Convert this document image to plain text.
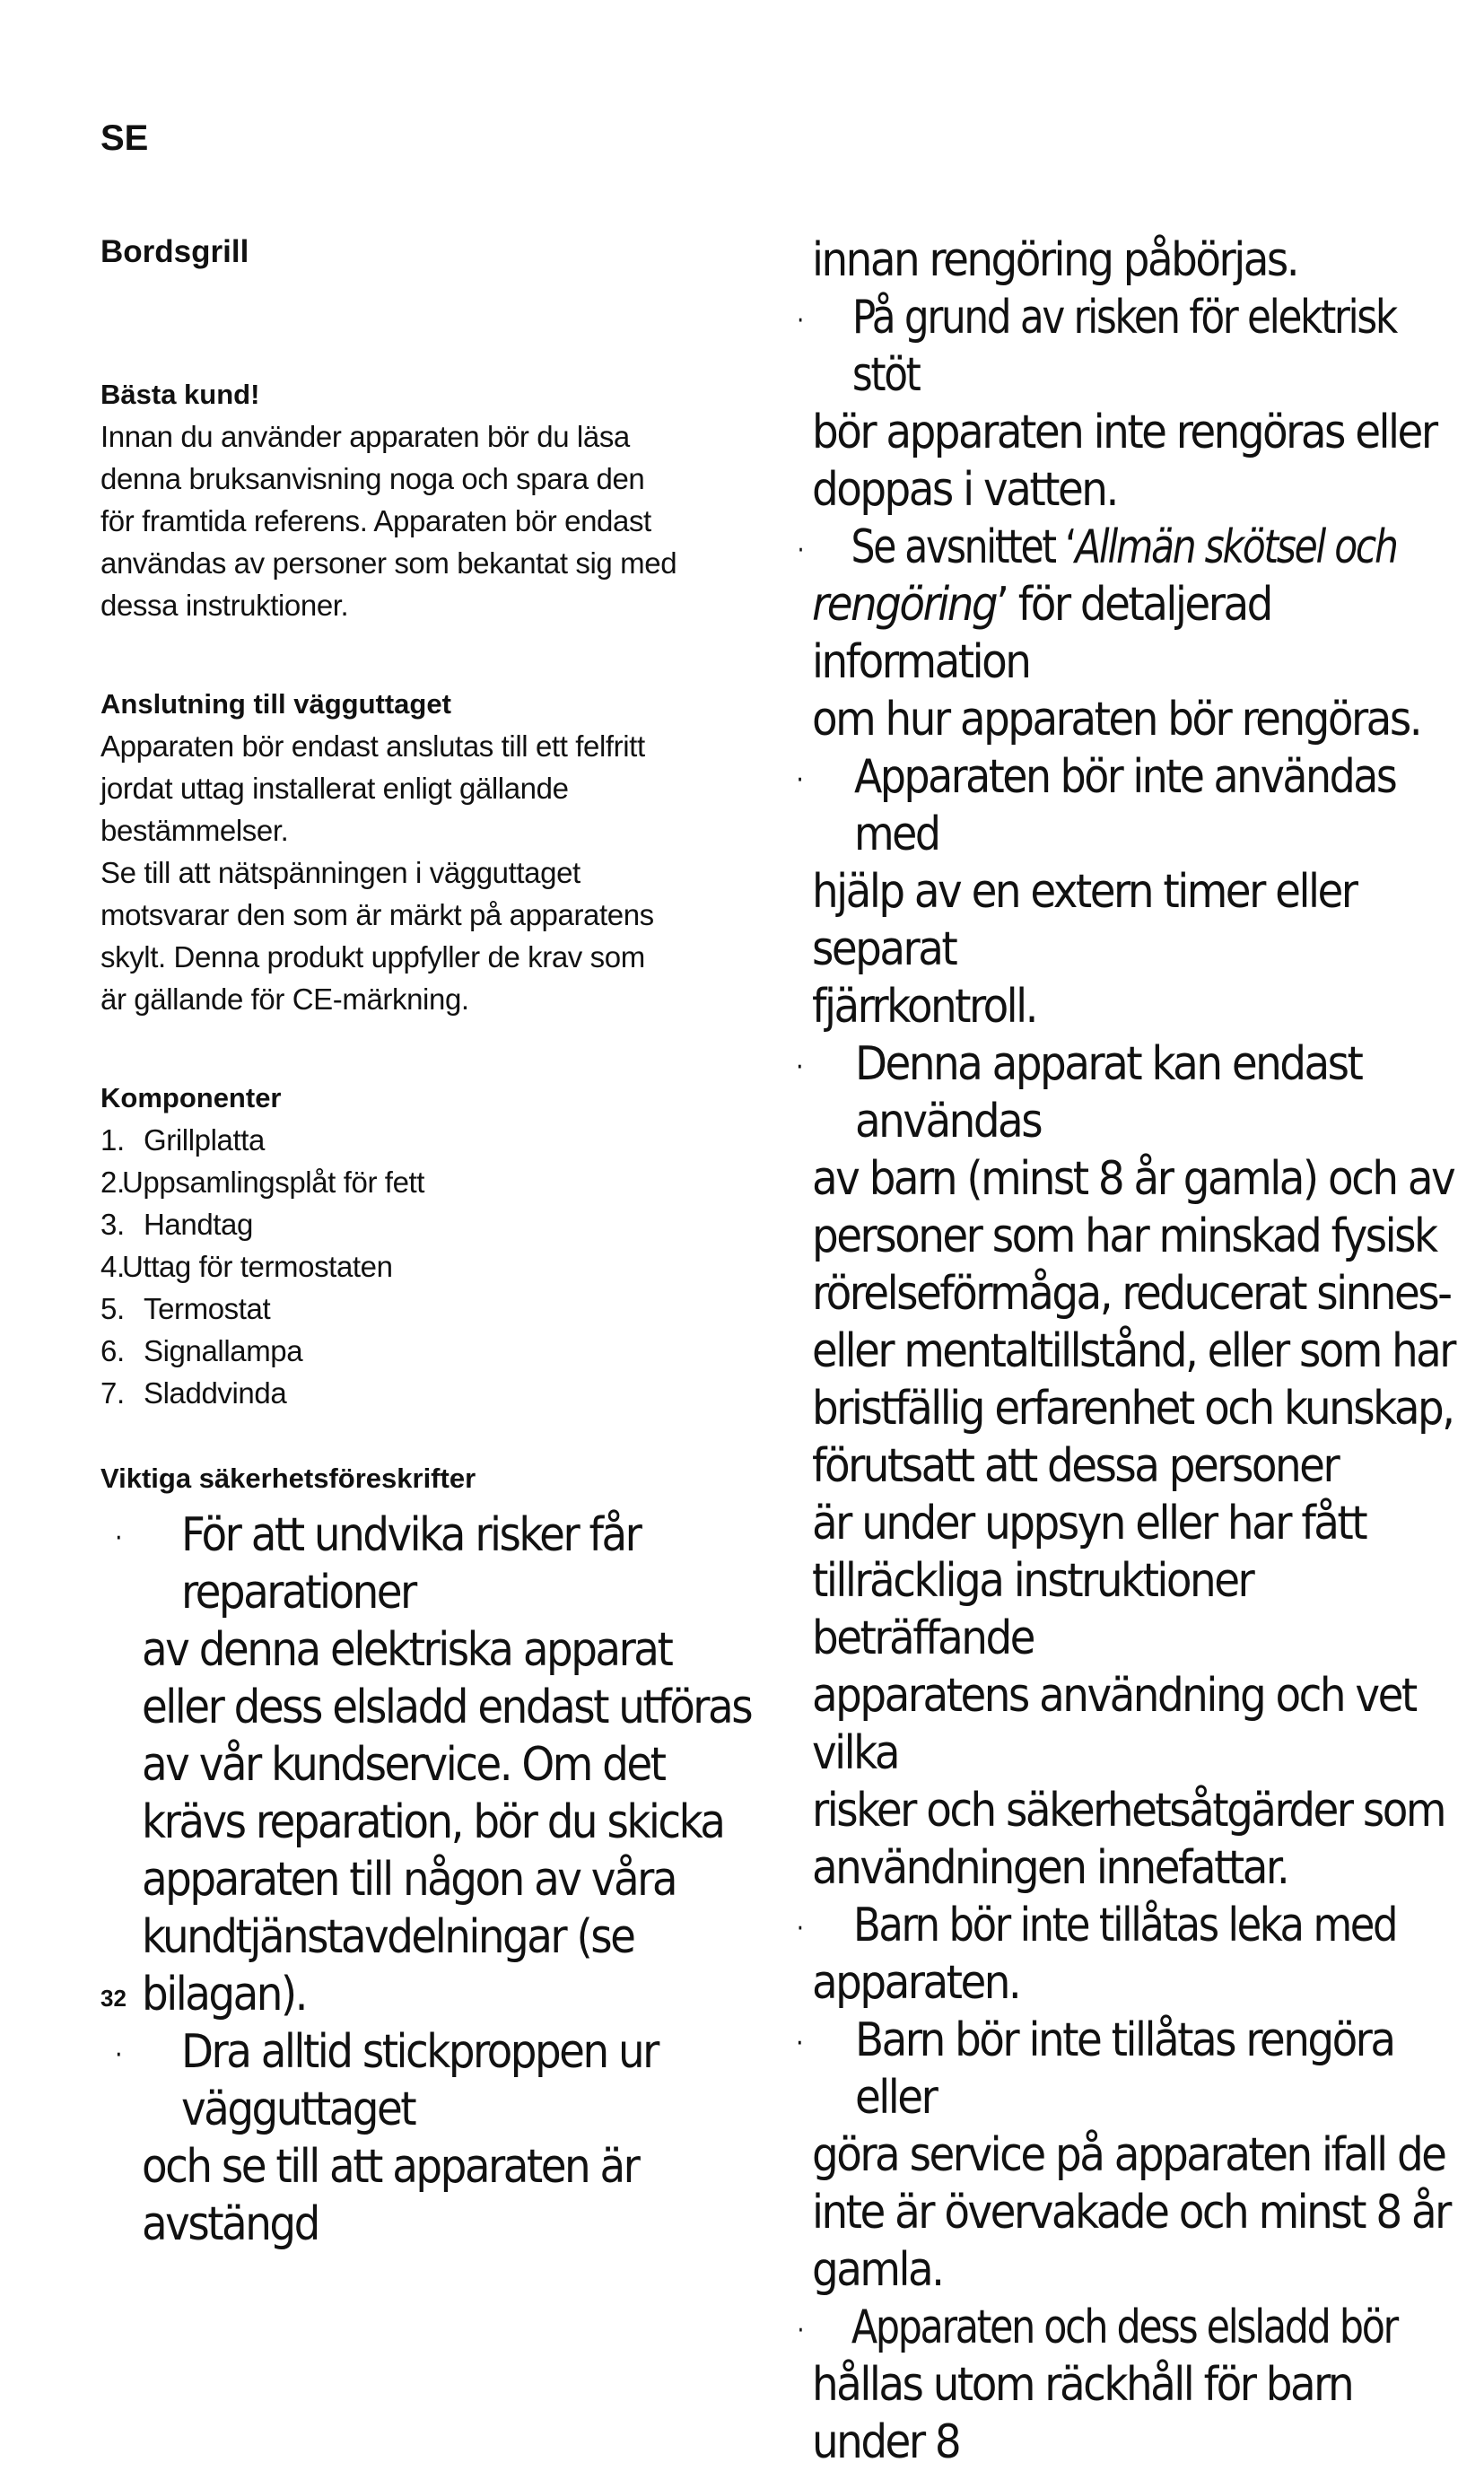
SE
Bordsgrill
Bästa kund!

Innan du använder apparaten bör du läsa

denna bruksanvisning noga och spara den

för framtida referens. Apparaten bör endast

användas av personer som bekantat sig med

dessa instruktioner.

Anslutning till vägguttaget

Apparaten bör endast anslutas till ett felfritt

jordat uttag installerat enligt gällande

bestämmelser.

Se till att nätspänningen i vägguttaget

motsvarar den som är märkt på apparatens

skylt. Denna produkt uppfyller de krav som

är gällande för CE-märkning.

Komponenter
1. Grillplatta
2.Uppsamlingsplåt för fett
3. Handtag
4.Uttag för termostaten
5. Termostat
6. Signallampa
7. Sladdvinda
Viktiga säkerhetsföreskrifter
· För att undvika risker får reparationer
av denna elektriska apparat
eller dess elsladd endast utföras
av vår kundservice. Om det
krävs reparation, bör du skicka
apparaten till någon av våra
kundtjänstavdelningar (se bilagan).
· Dra alltid stickproppen ur vägguttaget
och se till att apparaten är avstängd
innan rengöring påbörjas.
· På grund av risken för elektrisk stöt
bör apparaten inte rengöras eller
doppas i vatten.
· Se avsnittet ‘Allmän skötsel och
rengöring’ för detaljerad information
om hur apparaten bör rengöras.
· Apparaten bör inte användas med
hjälp av en extern timer eller separat
fjärrkontroll.
· Denna apparat kan endast användas
av barn (minst 8 år gamla) och av
personer som har minskad fysisk
rörelseförmåga, reducerat sinnes-
eller mentaltillstånd, eller som har
bristfällig erfarenhet och kunskap,
förutsatt att dessa personer
är under uppsyn eller har fått
tillräckliga instruktioner beträffande
apparatens användning och vet vilka
risker och säkerhetsåtgärder som
användningen innefattar.
· Barn bör inte tillåtas leka med
apparaten.
· Barn bör inte tillåtas rengöra eller
göra service på apparaten ifall de
inte är övervakade och minst 8 år
gamla.
· Apparaten och dess elsladd bör
hållas utom räckhåll för barn under 8
32
